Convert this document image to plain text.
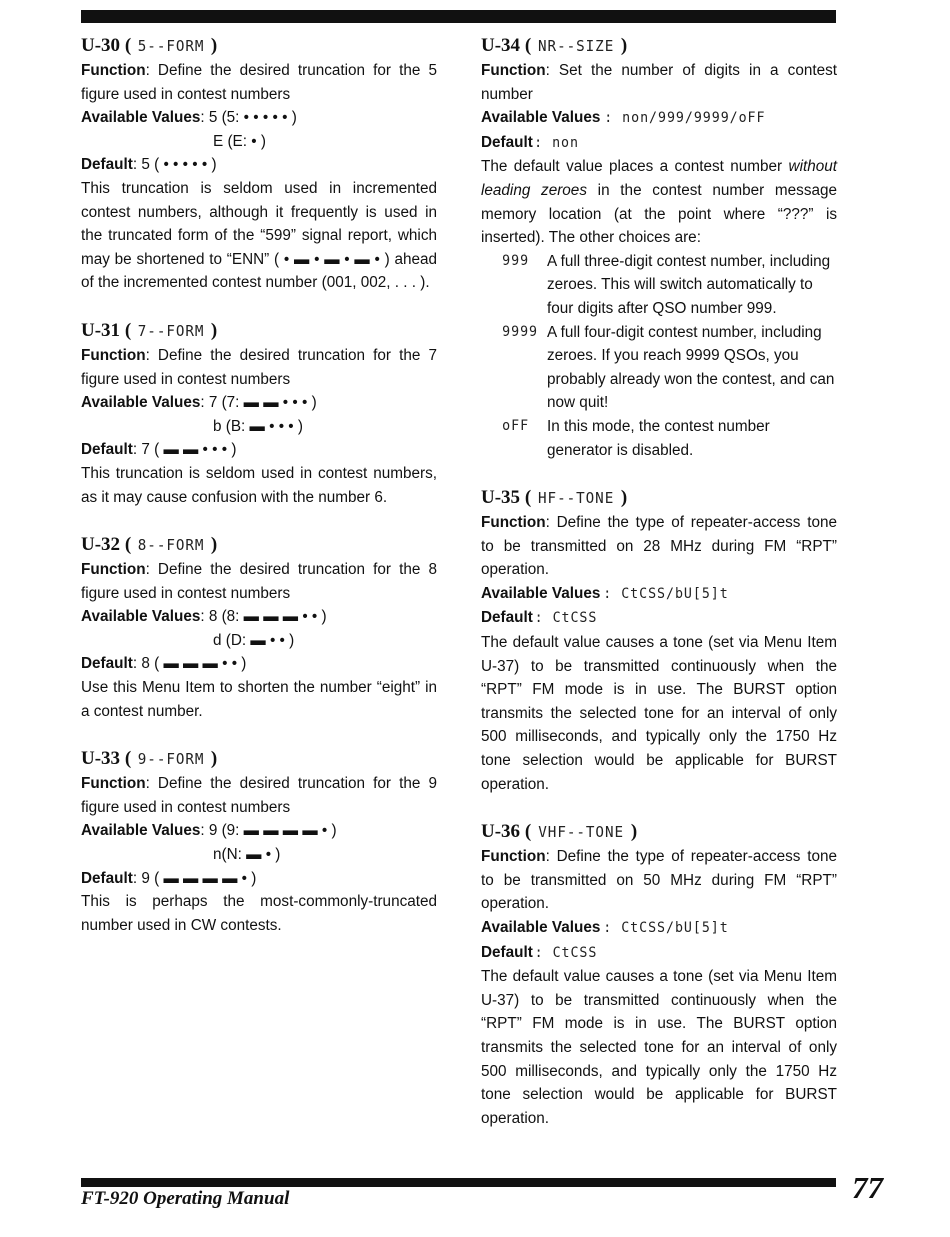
U-30 ( 5--FORM )

Function: Define the desired truncation for the 5 figure used in contest numbers

Available Values: 5 (5: • • • • • )

E (E: • )

Default: 5 ( • • • • • )

This truncation is seldom used in incremented contest numbers, although it frequently is used in the truncated form of the “599” signal report, which may be shortened to “ENN” ( • ▬ • ▬ • ▬ • ) ahead of the incremented contest number (001, 002, . . . ).

U-31 ( 7--FORM )

Function: Define the desired truncation for the 7 figure used in contest numbers

Available Values: 7 (7: ▬ ▬ • • • )

b (B: ▬ • • • )

Default: 7 ( ▬ ▬ • • • )

This truncation is seldom used in contest numbers, as it may cause confusion with the number 6.

U-32 ( 8--FORM )

Function: Define the desired truncation for the 8 figure used in contest numbers

Available Values: 8 (8: ▬ ▬ ▬ • • )

d (D: ▬ • • )

Default: 8 ( ▬ ▬ ▬ • • )

Use this Menu Item to shorten the number “eight” in a contest number.

U-33 ( 9--FORM )

Function: Define the desired truncation for the 9 figure used in contest numbers

Available Values: 9 (9: ▬ ▬ ▬ ▬ • )

n(N: ▬ • )

Default: 9 ( ▬ ▬ ▬ ▬ • )

This is perhaps the most-commonly-truncated number used in CW contests.

U-34 ( NR--SIZE )

Function: Set the number of digits in a contest number

Available Values : non/999/9999/oFF

Default: non

The default value places a contest number without leading zeroes in the contest number message memory location (at the point where “???” is inserted). The other choices are:

999	A full three-digit contest number, including zeroes. This will switch automatically to four digits after QSO number 999.
9999 A full four-digit contest number, including zeroes. If you reach 9999 QSOs, you probably already won the contest, and can now quit!
oFF	In this mode, the contest number generator is disabled.
U-35 ( HF--TONE )

Function: Define the type of repeater-access tone to be transmitted on 28 MHz during FM “RPT” operation.

Available Values : CtCSS/bU[5]t

Default : CtCSS

The default value causes a tone (set via Menu Item U-37) to be transmitted continuously when the “RPT” FM mode is in use. The BURST option transmits the selected tone for an interval of only 500 milliseconds, and typically only the 1750 Hz tone selection would be applicable for BURST operation.

U-36 ( VHF--TONE )

Function: Define the type of repeater-access tone to be transmitted on 50 MHz during FM “RPT” operation.

Available Values : CtCSS/bU[5]t

Default : CtCSS

The default value causes a tone (set via Menu Item U-37) to be transmitted continuously when the “RPT” FM mode is in use. The BURST option transmits the selected tone for an interval of only 500 milliseconds, and typically only the 1750 Hz tone selection would be applicable for BURST operation.

FT-920 Operating Manual	77
